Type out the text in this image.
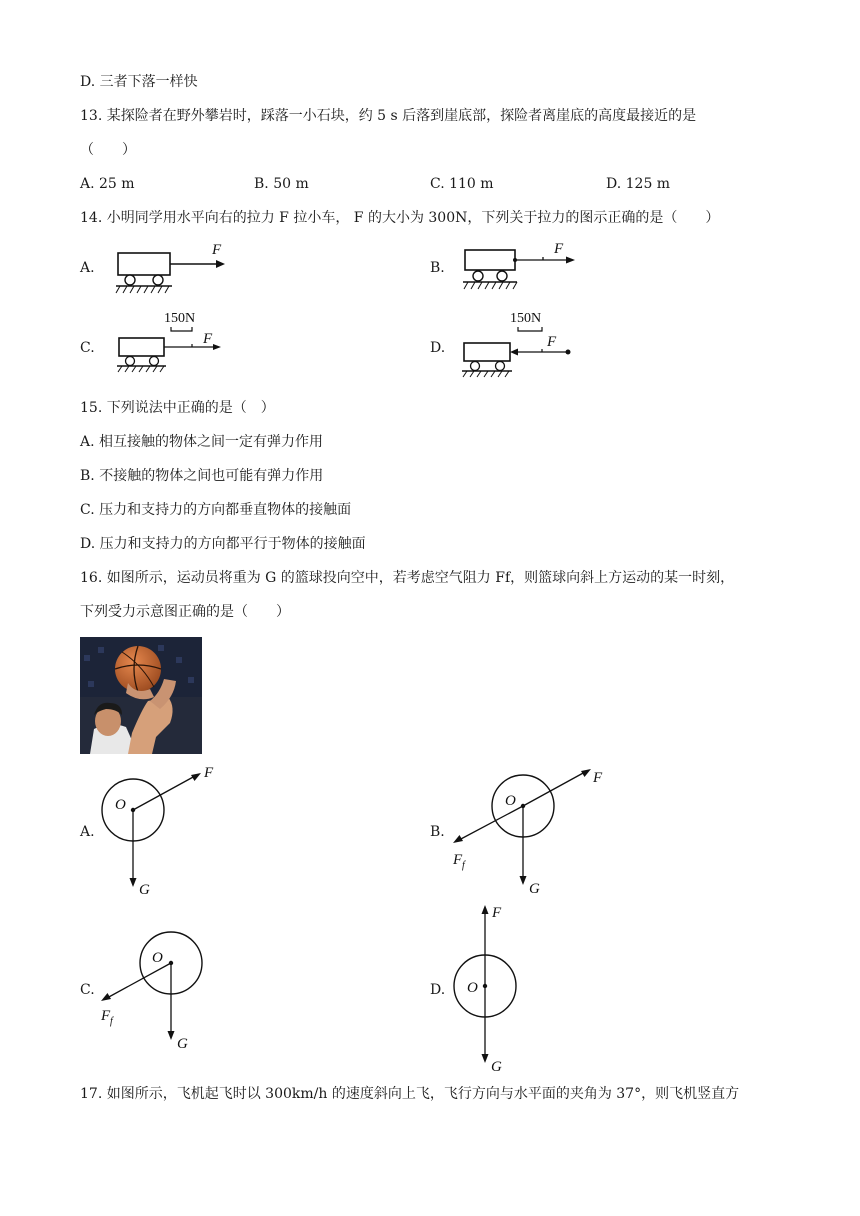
D. 三者下落一样快
13. 某探险者在野外攀岩时，踩落一小石块，约 5 s 后落到崖底部，探险者离崖底的高度最接近的是
（　　）
A. 25 m	B. 50 m	C. 110 m	D. 125 m
14. 小明同学用水平向右的拉力 F 拉小车， F 的大小为 300N，下列关于拉力的图示正确的是（　　）
A.
F
B.
F
C.
150N
F
D.
150N
F
15. 下列说法中正确的是（　）
A. 相互接触的物体之间一定有弹力作用
B. 不接触的物体之间也可能有弹力作用
C. 压力和支持力的方向都垂直物体的接触面
D. 压力和支持力的方向都平行于物体的接触面
16. 如图所示，运动员将重为 G 的篮球投向空中，若考虑空气阻力 Ff，则篮球向斜上方运动的某一时刻，
下列受力示意图正确的是（　　）
A.
O
F
G
B.
O
F
F f
G
C.
O
F f
G
D.
F
O
G
17. 如图所示，飞机起飞时以 300km/h 的速度斜向上飞，飞行方向与水平面的夹角为 37°，则飞机竖直方
